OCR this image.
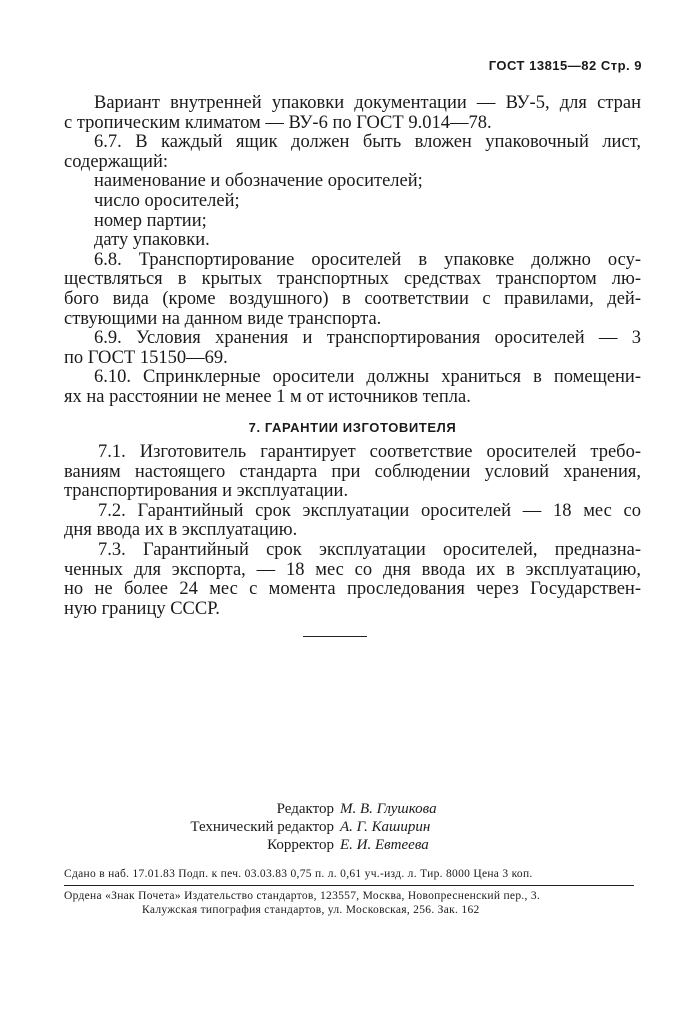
ГОСТ 13815—82 Стр. 9
Вариант внутренней упаковки документации — ВУ-5, для стран
с тропическим климатом — ВУ-6 по ГОСТ 9.014—78.
6.7. В каждый ящик должен быть вложен упаковочный лист,
содержащий:
наименование и обозначение оросителей;
число оросителей;
номер партии;
дату упаковки.
6.8. Транспортирование оросителей в упаковке должно осу-
ществляться в крытых транспортных средствах транспортом лю-
бого вида (кроме воздушного) в соответствии с правилами, дей-
ствующими на данном виде транспорта.
6.9. Условия хранения и транспортирования оросителей — 3
по ГОСТ 15150—69.
6.10. Спринклерные оросители должны храниться в помещени-
ях на расстоянии не менее 1 м от источников тепла.
7. ГАРАНТИИ ИЗГОТОВИТЕЛЯ
7.1. Изготовитель гарантирует соответствие оросителей требо-
ваниям настоящего стандарта при соблюдении условий хранения,
транспортирования и эксплуатации.
7.2. Гарантийный срок эксплуатации оросителей — 18 мес со
дня ввода их в эксплуатацию.
7.3. Гарантийный срок эксплуатации оросителей, предназна-
ченных для экспорта, — 18 мес со дня ввода их в эксплуатацию,
но не более 24 мес с момента проследования через Государствен-
ную границу СССР.
Редактор М. В. Глушкова
Технический редактор А. Г. Каширин
Корректор Е. И. Евтеева
Сдано в наб. 17.01.83 Подп. к печ. 03.03.83 0,75 п. л. 0,61 уч.-изд. л. Тир. 8000 Цена 3 коп.
Ордена «Знак Почета» Издательство стандартов, 123557, Москва, Новопресненский пер., 3.
Калужская типография стандартов, ул. Московская, 256. Зак. 162
